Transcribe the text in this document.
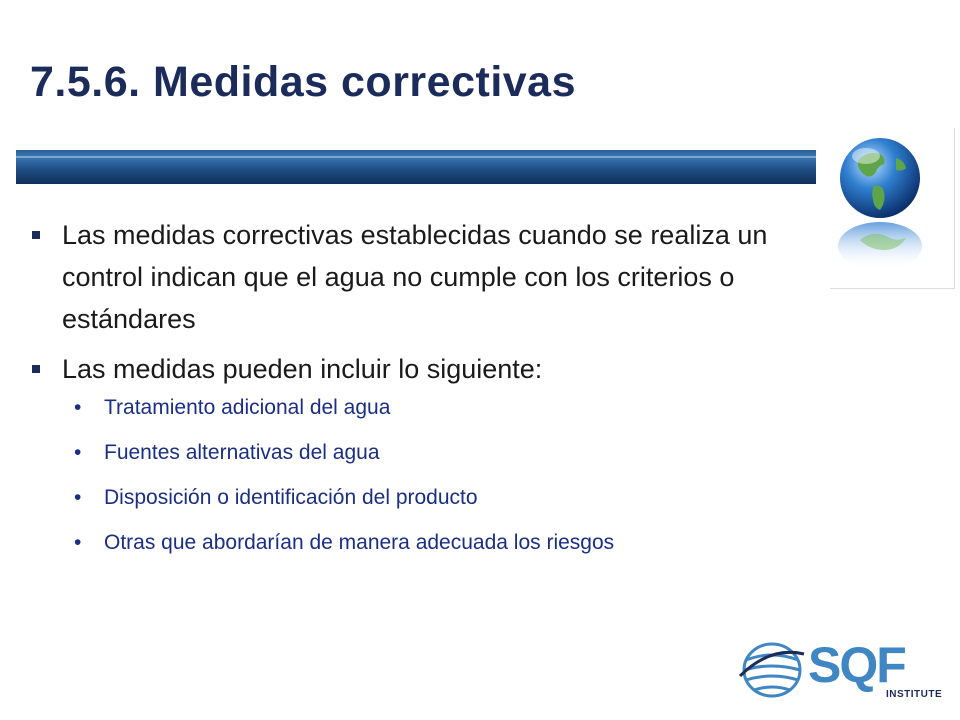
7.5.6. Medidas correctivas
Las medidas correctivas establecidas cuando se realiza un control indican que el agua no cumple con los criterios o estándares
Las medidas pueden incluir lo siguiente:
• Tratamiento adicional del agua
• Fuentes alternativas del agua
• Disposición o identificación del producto
• Otras que abordarían de manera adecuada los riesgos
SQF
INSTITUTE
